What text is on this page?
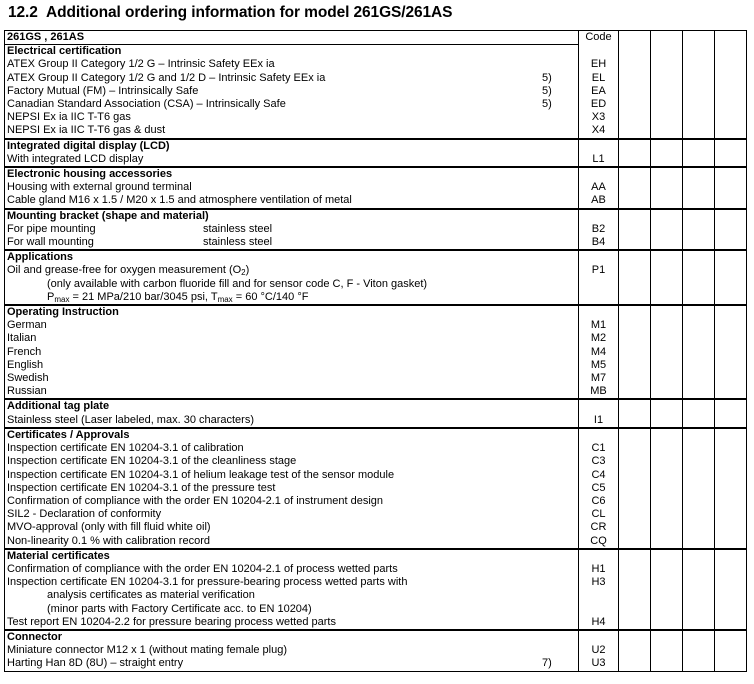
12.2 Additional ordering information for model 261GS/261AS
261GS , 261AS	Code				
Electrical certification					
ATEX Group II Category 1/2 G – Intrinsic Safety EEx ia	EH				
ATEX Group II Category 1/2 G and 1/2 D – Intrinsic Safety EEx ia 5)	EL				
Factory Mutual (FM) – Intrinsically Safe 5)	EA				
Canadian Standard Association (CSA) – Intrinsically Safe 5)	ED				
NEPSI Ex ia IIC T-T6 gas	X3				
NEPSI Ex ia IIC T-T6 gas & dust	X4				
Integrated digital display (LCD)					
With integrated LCD display	L1				
Electronic housing accessories					
Housing with external ground terminal	AA				
Cable gland M16 x 1.5 / M20 x 1.5 and atmosphere ventilation of metal	AB				
Mounting bracket (shape and material)					
For pipe mounting stainless steel	B2				
For wall mounting stainless steel	B4				
Applications					
Oil and grease-free for oxygen measurement $(O_2)$	P1				
(only available with carbon fluoride fill and for sensor code C, F - Viton gasket)					
$P_{max} = 21$ MPa/210 bar/3045 psi, $T_{max} = 60$ °C/140 °F					
Operating Instruction					
German	M1				
Italian	M2				
French	M4				
English	M5				
Swedish	M7				
Russian	MB				
Additional tag plate					
Stainless steel (Laser labeled, max. 30 characters)	I1				
Certificates / Approvals					
Inspection certificate EN 10204-3.1 of calibration	C1				
Inspection certificate EN 10204-3.1 of the cleanliness stage	C3				
Inspection certificate EN 10204-3.1 of helium leakage test of the sensor module	C4				
Inspection certificate EN 10204-3.1 of the pressure test	C5				
Confirmation of compliance with the order EN 10204-2.1 of instrument design	C6				
SIL2 - Declaration of conformity	CL				
MVO-approval (only with fill fluid white oil)	CR				
Non-linearity 0.1 % with calibration record	CQ				
Material certificates					
Confirmation of compliance with the order EN 10204-2.1 of process wetted parts	H1				
Inspection certificate EN 10204-3.1 for pressure-bearing process wetted parts with	H3				
analysis certificates as material verification					
(minor parts with Factory Certificate acc. to EN 10204)					
Test report EN 10204-2.2 for pressure bearing process wetted parts	H4				
Connector					
Miniature connector M12 x 1 (without mating female plug)	U2				
Harting Han 8D (8U) – straight entry 7)	U3				
